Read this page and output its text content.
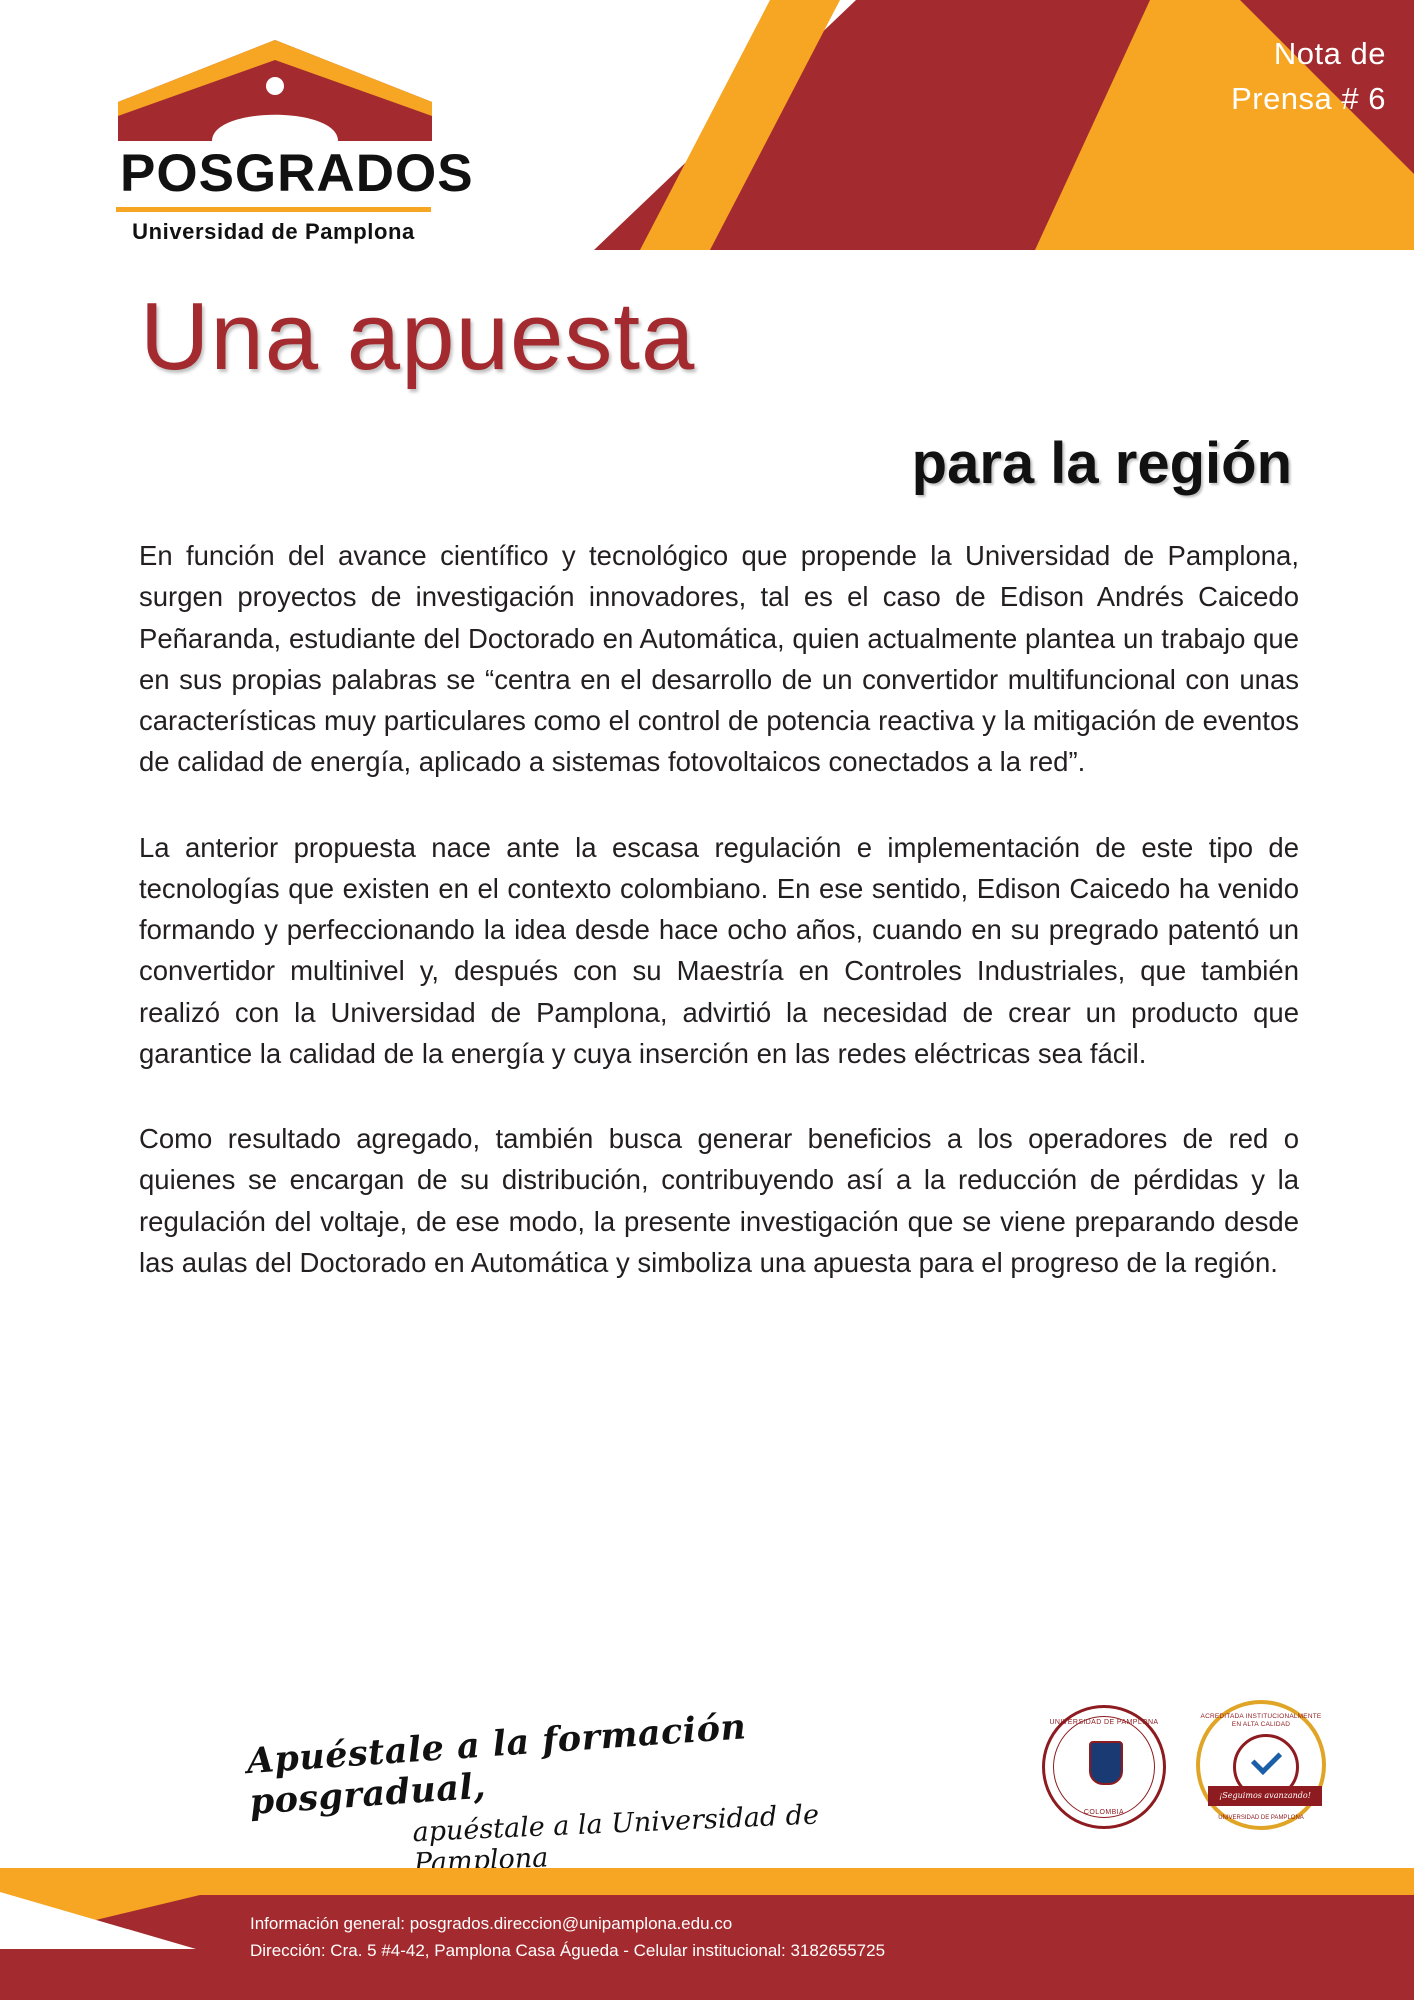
Nota de
Prensa # 6
POSGRADOS
Universidad de Pamplona
Una apuesta
para la región

En función del avance científico y tecnológico que propende la Universidad de Pamplona, surgen proyectos de investigación innovadores, tal es el caso de Edison Andrés Caicedo Peñaranda, estudiante del Doctorado en Automática, quien actualmente plantea un trabajo que en sus propias palabras se “centra en el desarrollo de un convertidor multifuncional con unas características muy particulares como el control de potencia reactiva y la mitigación de eventos de calidad de energía, aplicado a sistemas fotovoltaicos conectados a la red”.

La anterior propuesta nace ante la escasa regulación e implementación de este tipo de tecnologías que existen en el contexto colombiano. En ese sentido, Edison Caicedo ha venido formando y perfeccionando la idea desde hace ocho años, cuando en su pregrado patentó un convertidor multinivel y, después con su Maestría en Controles Industriales, que también realizó con la Universidad de Pamplona, advirtió la necesidad de crear un producto que garantice la calidad de la energía y cuya inserción en las redes eléctricas sea fácil.

Como resultado agregado, también busca generar beneficios a los operadores de red o quienes se encargan de su distribución, contribuyendo así a la reducción de pérdidas y la regulación del voltaje, de ese modo, la presente investigación que se viene preparando desde las aulas del Doctorado en Automática y simboliza una apuesta para el progreso de la región.

Apuéstale a la formación posgradual,
apuéstale a la Universidad de Pamplona
UNIVERSIDAD DE PAMPLONA
COLOMBIA
ACREDITADA INSTITUCIONALMENTE EN ALTA CALIDAD
¡Seguimos avanzando!
UNIVERSIDAD DE PAMPLONA
Información general: posgrados.direccion@unipamplona.edu.co
Dirección: Cra. 5 #4-42, Pamplona Casa Águeda - Celular institucional: 3182655725
